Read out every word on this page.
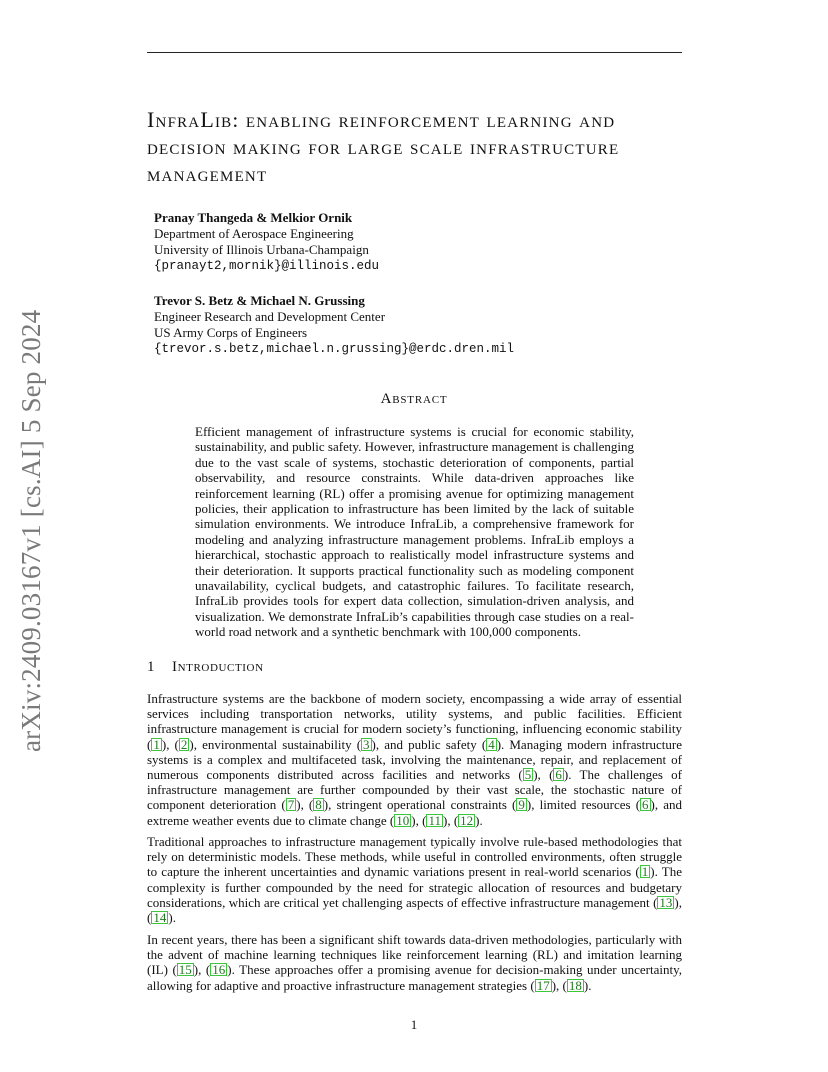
arXiv:2409.03167v1 [cs.AI] 5 Sep 2024
InfraLib: enabling reinforcement learning and decision making for large scale infrastructure management
Pranay Thangeda & Melkior Ornik
Department of Aerospace Engineering
University of Illinois Urbana-Champaign
{pranayt2,mornik}@illinois.edu
Trevor S. Betz & Michael N. Grussing
Engineer Research and Development Center
US Army Corps of Engineers
{trevor.s.betz,michael.n.grussing}@erdc.dren.mil
Abstract
Efficient management of infrastructure systems is crucial for economic stability, sustainability, and public safety. However, infrastructure management is challenging due to the vast scale of systems, stochastic deterioration of components, partial observability, and resource constraints. While data-driven approaches like reinforcement learning (RL) offer a promising avenue for optimizing management policies, their application to infrastructure has been limited by the lack of suitable simulation environments. We introduce InfraLib, a comprehensive framework for modeling and analyzing infrastructure management problems. InfraLib employs a hierarchical, stochastic approach to realistically model infrastructure systems and their deterioration. It supports practical functionality such as modeling component unavailability, cyclical budgets, and catastrophic failures. To facilitate research, InfraLib provides tools for expert data collection, simulation-driven analysis, and visualization. We demonstrate InfraLib’s capabilities through case studies on a real-world road network and a synthetic benchmark with 100,000 components.
1 Introduction
Infrastructure systems are the backbone of modern society, encompassing a wide array of essential services including transportation networks, utility systems, and public facilities. Efficient infrastructure management is crucial for modern society’s functioning, influencing economic stability ( 1 ), ( 2 ), environmental sustainability ( 3 ), and public safety ( 4 ). Managing modern infrastructure systems is a complex and multifaceted task, involving the maintenance, repair, and replacement of numerous components distributed across facilities and networks ( 5 ), ( 6 ). The challenges of infrastructure management are further compounded by their vast scale, the stochastic nature of component deterioration ( 7 ), ( 8 ), stringent operational constraints ( 9 ), limited resources ( 6 ), and extreme weather events due to climate change ( 10 ), ( 11 ), ( 12 ).
Traditional approaches to infrastructure management typically involve rule-based methodologies that rely on deterministic models. These methods, while useful in controlled environments, often struggle to capture the inherent uncertainties and dynamic variations present in real-world scenarios ( 1 ). The complexity is further compounded by the need for strategic allocation of resources and budgetary considerations, which are critical yet challenging aspects of effective infrastructure management ( 13 ), ( 14 ).
In recent years, there has been a significant shift towards data-driven methodologies, particularly with the advent of machine learning techniques like reinforcement learning (RL) and imitation learning (IL) ( 15 ), ( 16 ). These approaches offer a promising avenue for decision-making under uncertainty, allowing for adaptive and proactive infrastructure management strategies ( 17 ), ( 18 ).
1
